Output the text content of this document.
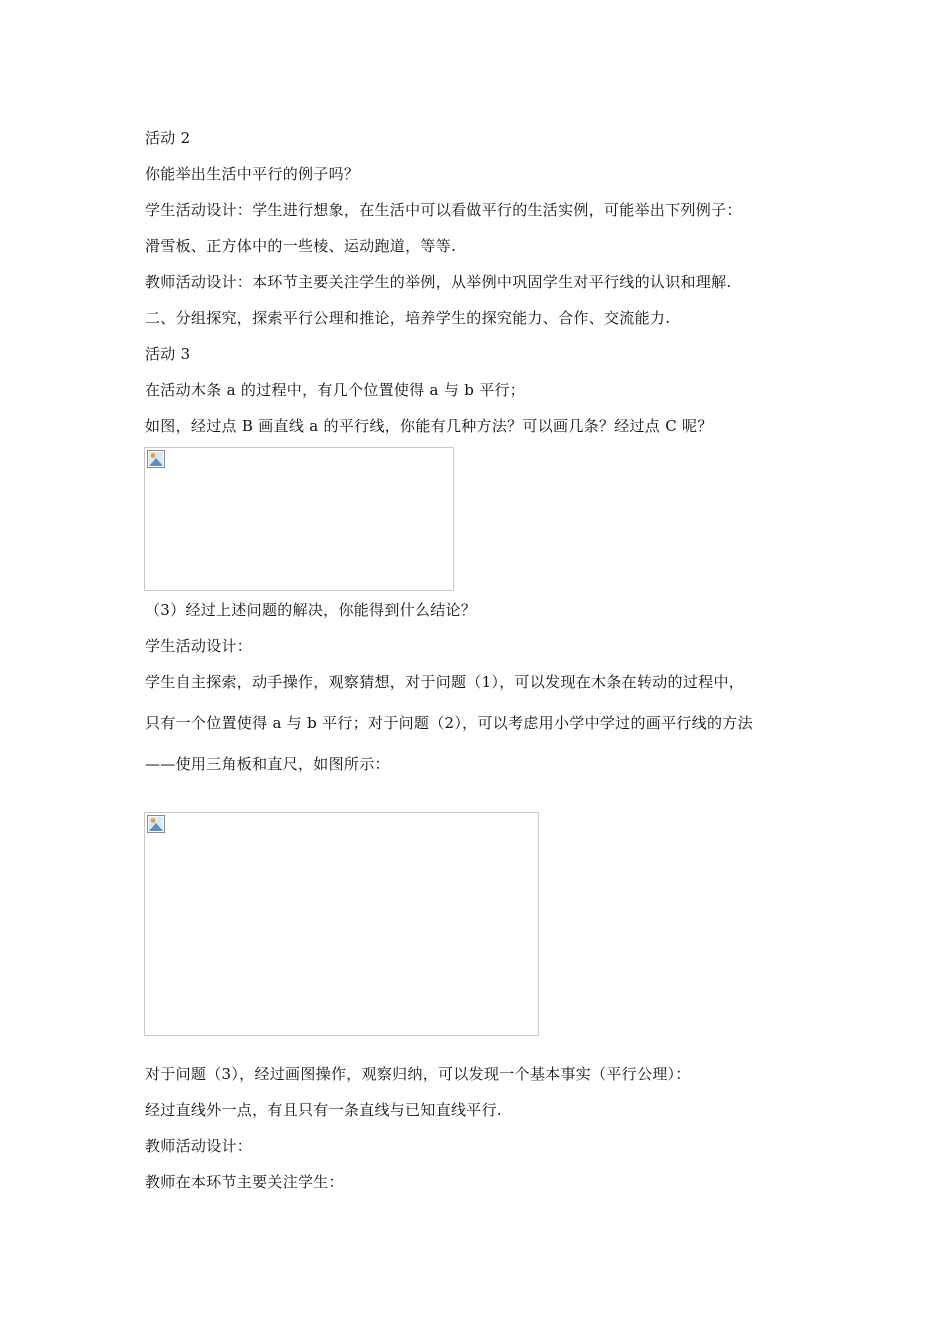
活动 2
你能举出生活中平行的例子吗？
学生活动设计：学生进行想象，在生活中可以看做平行的生活实例，可能举出下列例子：
滑雪板、正方体中的一些棱、运动跑道，等等.
教师活动设计：本环节主要关注学生的举例，从举例中巩固学生对平行线的认识和理解.
二、分组探究，探索平行公理和推论，培养学生的探究能力、合作、交流能力.
活动 3
在活动木条 a 的过程中，有几个位置使得 a 与 b 平行；
如图，经过点 B 画直线 a 的平行线，你能有几种方法？可以画几条？经过点 C 呢？
（3）经过上述问题的解决，你能得到什么结论？
学生活动设计：
学生自主探索，动手操作，观察猜想，对于问题（1），可以发现在木条在转动的过程中，
只有一个位置使得 a 与 b 平行；对于问题（2），可以考虑用小学中学过的画平行线的方法
——使用三角板和直尺，如图所示：
对于问题（3），经过画图操作，观察归纳，可以发现一个基本事实（平行公理）：
经过直线外一点，有且只有一条直线与已知直线平行.
教师活动设计：
教师在本环节主要关注学生：
